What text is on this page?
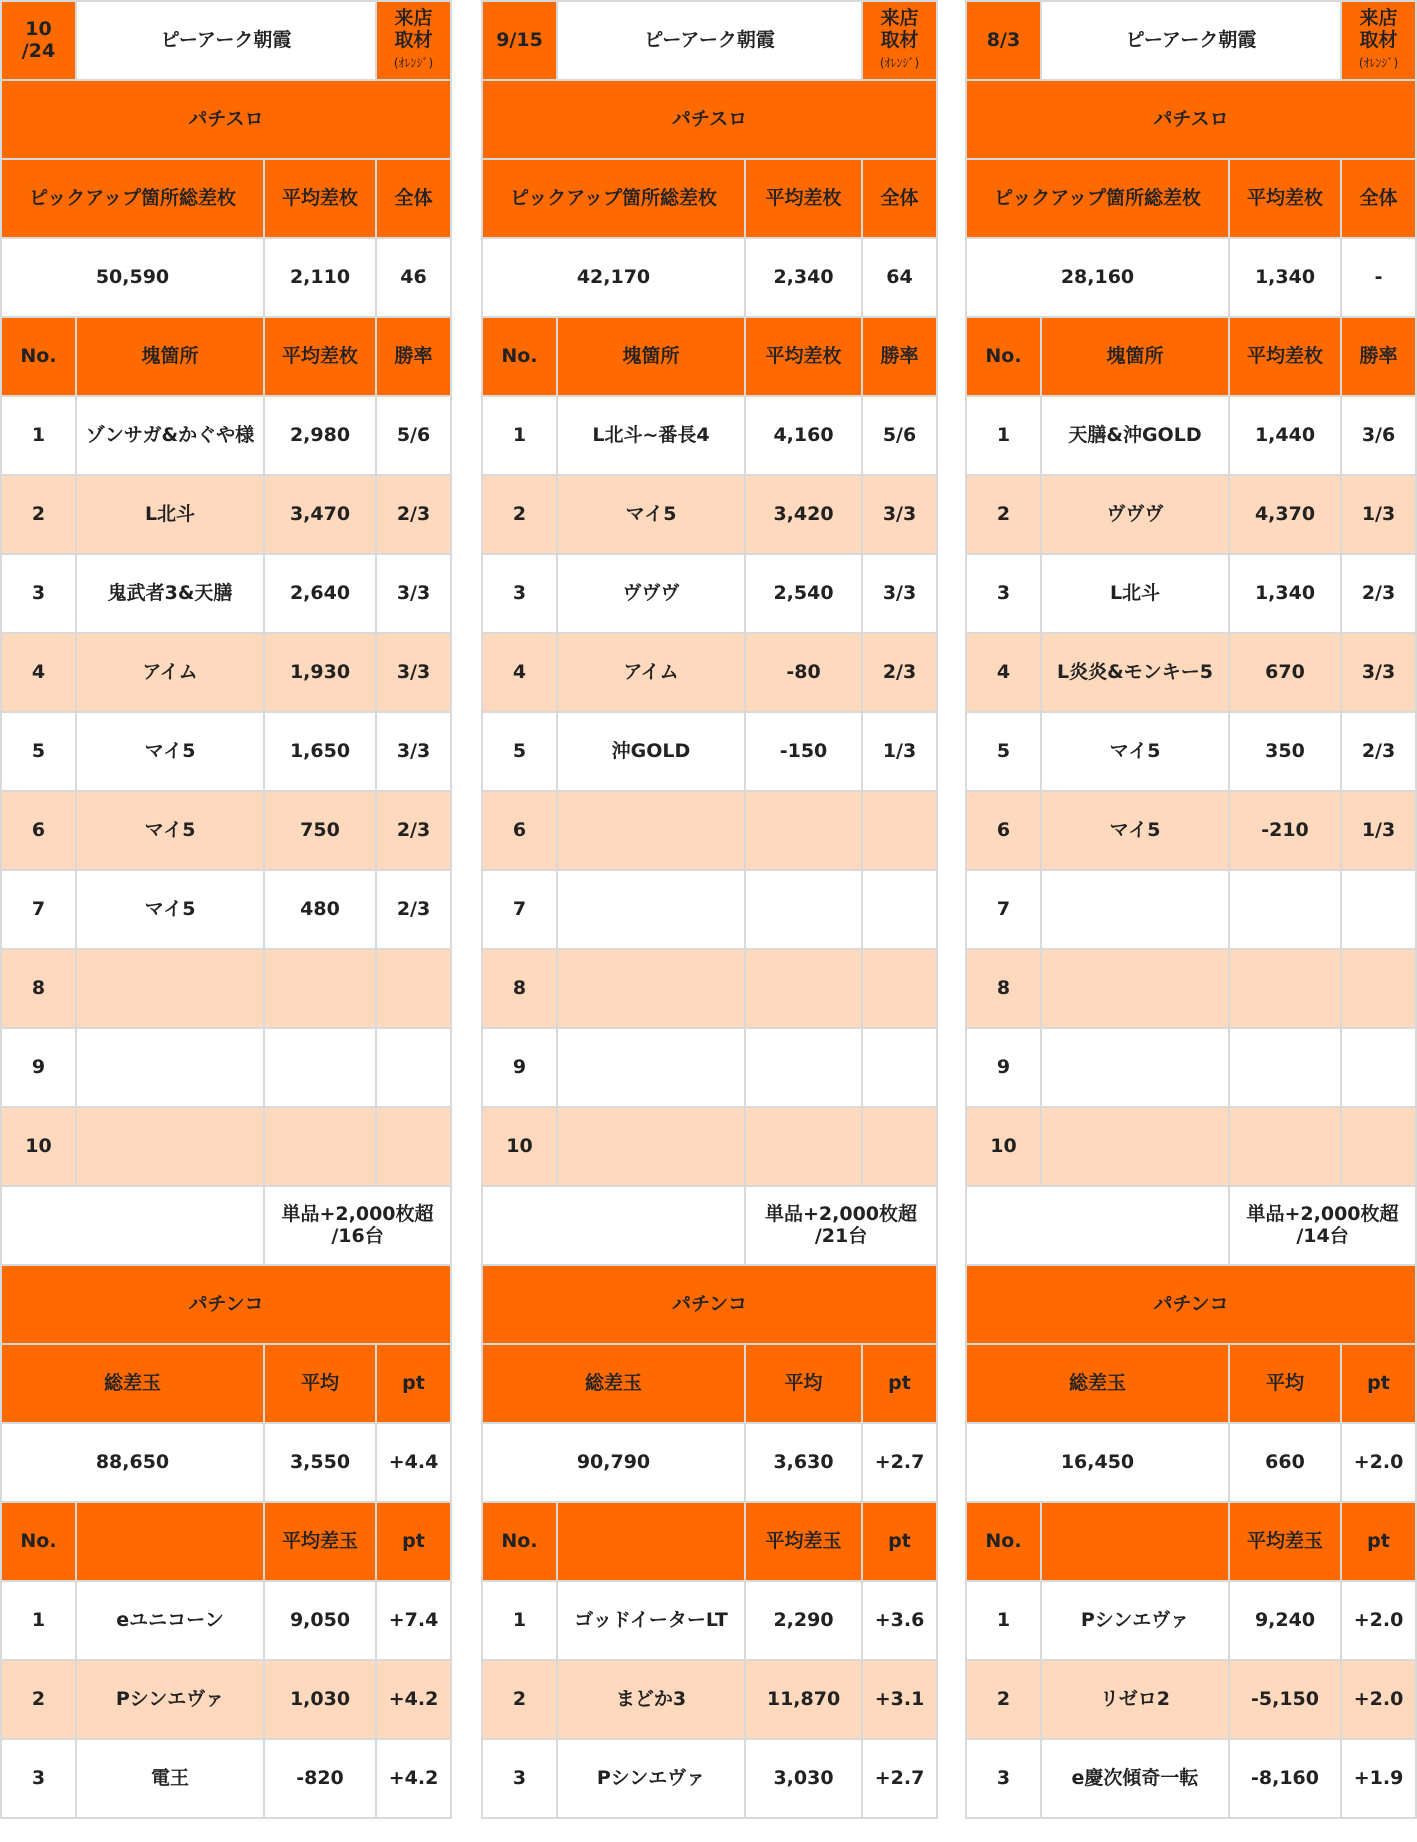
10
/24	ピーアーク朝霞		来店
取材
(ｵﾚﾝｼﾞ)
パチスロ			
ピックアップ箇所総差枚		平均差枚	全体
50,590		2,110	46
No.	塊箇所	平均差枚	勝率
1	ゾンサガ&かぐや様	2,980	5/6
2	L北斗	3,470	2/3
3	鬼武者3&天膳	2,640	3/3
4	アイム	1,930	3/3
5	マイ5	1,650	3/3
6	マイ5	750	2/3
7	マイ5	480	2/3
8			
9			
10			
		単品+2,000枚超
/16台	
パチンコ			
総差玉		平均	pt
88,650		3,550	+4.4
No.		平均差玉	pt
1	eユニコーン	9,050	+7.4
2	Pシンエヴァ	1,030	+4.2
3	電王	-820	+4.2
9/15	ピーアーク朝霞		来店
取材
(ｵﾚﾝｼﾞ)
パチスロ			
ピックアップ箇所総差枚		平均差枚	全体
42,170		2,340	64
No.	塊箇所	平均差枚	勝率
1	L北斗~番長4	4,160	5/6
2	マイ5	3,420	3/3
3	ヴヴヴ	2,540	3/3
4	アイム	-80	2/3
5	沖GOLD	-150	1/3
6			
7			
8			
9			
10			
		単品+2,000枚超
/21台	
パチンコ			
総差玉		平均	pt
90,790		3,630	+2.7
No.		平均差玉	pt
1	ゴッドイーターLT	2,290	+3.6
2	まどか3	11,870	+3.1
3	Pシンエヴァ	3,030	+2.7
8/3	ピーアーク朝霞		来店
取材
(ｵﾚﾝｼﾞ)
パチスロ			
ピックアップ箇所総差枚		平均差枚	全体
28,160		1,340	-
No.	塊箇所	平均差枚	勝率
1	天膳&沖GOLD	1,440	3/6
2	ヴヴヴ	4,370	1/3
3	L北斗	1,340	2/3
4	L炎炎&モンキー5	670	3/3
5	マイ5	350	2/3
6	マイ5	-210	1/3
7			
8			
9			
10			
		単品+2,000枚超
/14台	
パチンコ			
総差玉		平均	pt
16,450		660	+2.0
No.		平均差玉	pt
1	Pシンエヴァ	9,240	+2.0
2	リゼロ2	-5,150	+2.0
3	e慶次傾奇一転	-8,160	+1.9
